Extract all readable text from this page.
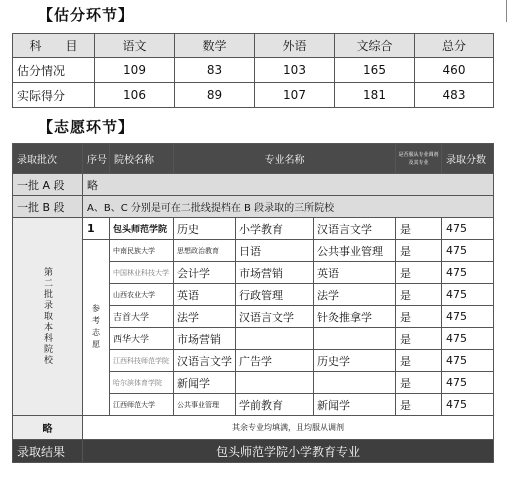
【估分环节】
科　　目	语文	数学	外语	文综合	总分
估分情况	109	83	103	165	460
实际得分	106	89	107	181	483
【志愿环节】
录取批次	序号	院校名称	专业名称			是否服从专业调剂及其专业	录取分数
一批 A 段	略						
一批 B 段	A、B、C 分别是可在二批线提档在 B 段录取的三所院校						
第二批录取本科院校	1	包头师范学院	历史	小学教育	汉语言文学	是	475
	参考志愿	中南民族大学	思想政治教育	日语	公共事业管理	是	475
		中国林业科技大学	会计学	市场营销	英语	是	475
		山西农业大学	英语	行政管理	法学	是	475
		吉首大学	法学	汉语言文学	针灸推拿学	是	475
		西华大学	市场营销			是	475
		江西科技师范学院	汉语言文学	广告学	历史学	是	475
		哈尔滨体育学院	新闻学			是	475
		江西师范大学	公共事业管理	学前教育	新闻学	是	475
略	其余专业均填满，且均服从调剂						
录取结果	包头师范学院小学教育专业						
